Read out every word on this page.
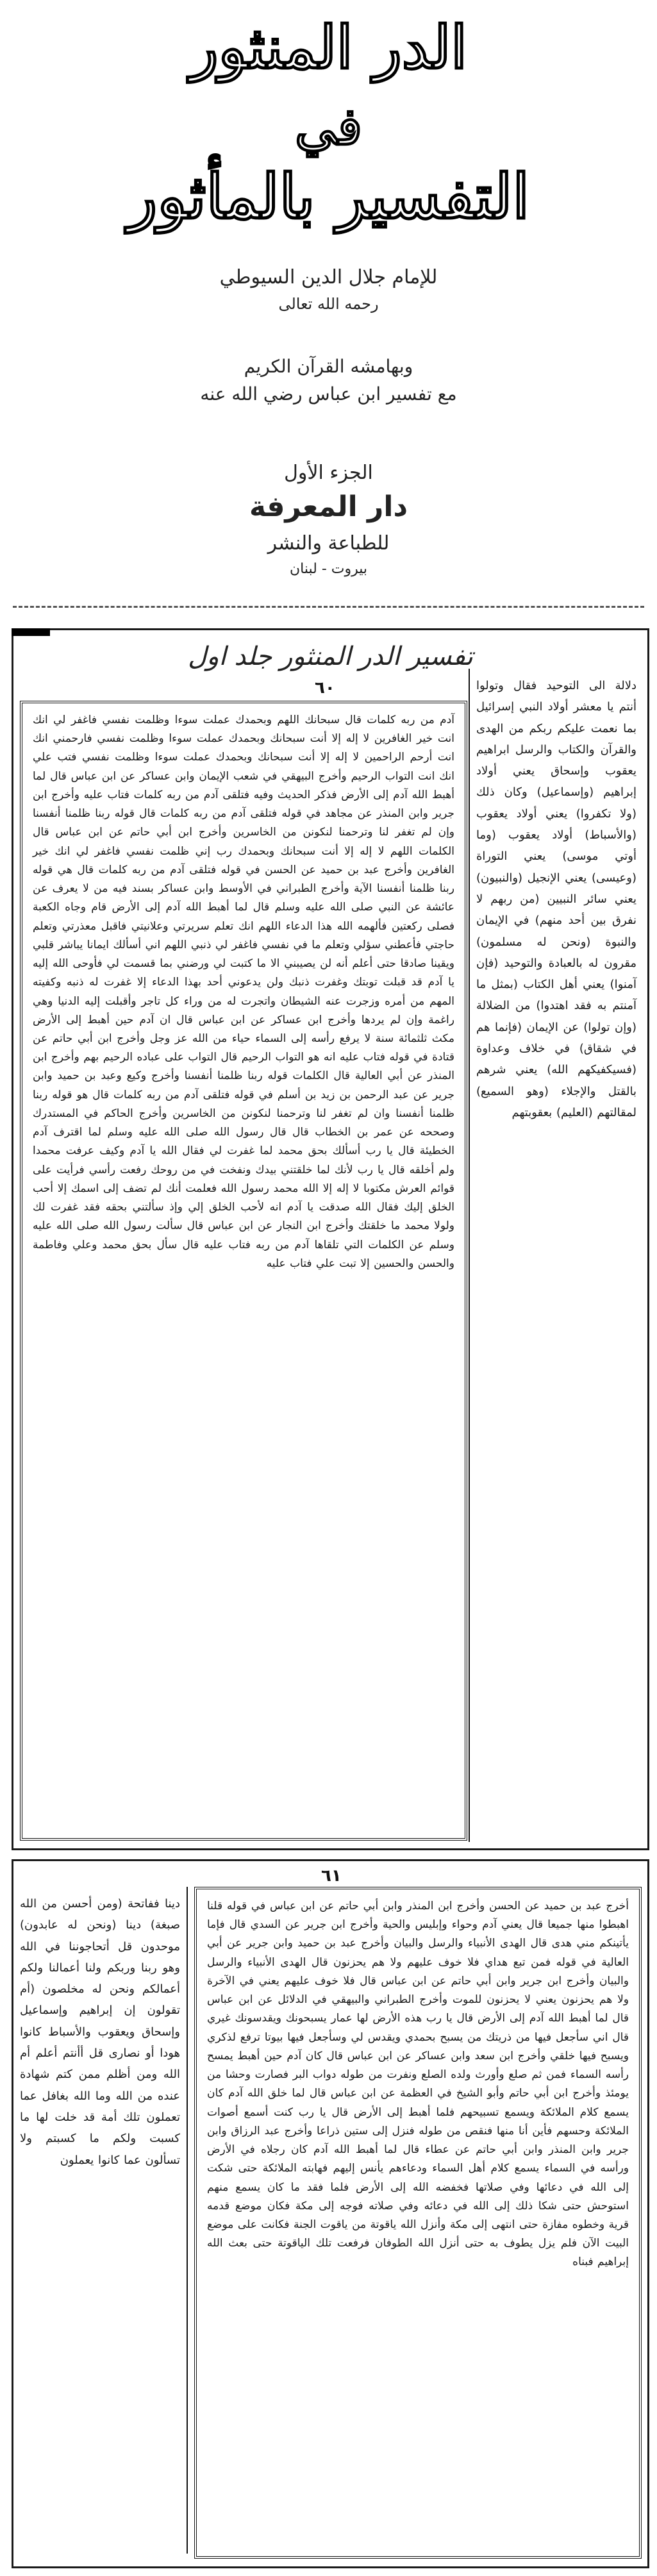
الدر المنثور
في
التفسير بالمأثور
للإمام جلال الدين السيوطي
رحمه الله تعالى
وبهامشه القرآن الكريم
مع تفسير ابن عباس رضي الله عنه
الجزء الأول
دار المعرفة
للطباعة والنشر
بيروت - لبنان
تفسير الدر المنثور جلد اول
٦٠
آدم من ربه كلمات قال سبحانك اللهم وبحمدك عملت سوءا وظلمت نفسي فاغفر لي انك انت خير الغافرين لا إله إلا أنت سبحانك وبحمدك عملت سوءا وظلمت نفسي فارحمني انك انت أرحم الراحمين لا إله إلا أنت سبحانك وبحمدك عملت سوءا وظلمت نفسي فتب علي انك انت التواب الرحيم وأخرج البيهقي في شعب الإيمان وابن عساكر عن ابن عباس قال لما أهبط الله آدم إلى الأرض فذكر الحديث وفيه فتلقى آدم من ربه كلمات فتاب عليه وأخرج ابن جرير وابن المنذر عن مجاهد في قوله فتلقى آدم من ربه كلمات قال قوله ربنا ظلمنا أنفسنا وإن لم تغفر لنا وترحمنا لنكونن من الخاسرين وأخرج ابن أبي حاتم عن ابن عباس قال الكلمات اللهم لا إله إلا أنت سبحانك وبحمدك رب إني ظلمت نفسي فاغفر لي انك خير الغافرين وأخرج عبد بن حميد عن الحسن في قوله فتلقى آدم من ربه كلمات قال هي قوله ربنا ظلمنا أنفسنا الآية وأخرج الطبراني في الأوسط وابن عساكر بسند فيه من لا يعرف عن عائشة عن النبي صلى الله عليه وسلم قال لما أهبط الله آدم إلى الأرض قام وجاه الكعبة فصلى ركعتين فألهمه الله هذا الدعاء اللهم انك تعلم سريرتي وعلانيتي فاقبل معذرتي وتعلم حاجتي فأعطني سؤلي وتعلم ما في نفسي فاغفر لي ذنبي اللهم اني أسألك ايمانا يباشر قلبي ويقينا صادقا حتى أعلم أنه لن يصيبني الا ما كتبت لي ورضني بما قسمت لي فأوحى الله إليه يا آدم قد قبلت توبتك وغفرت ذنبك ولن يدعوني أحد بهذا الدعاء إلا غفرت له ذنبه وكفيته المهم من أمره وزجرت عنه الشيطان واتجرت له من وراء كل تاجر وأقبلت إليه الدنيا وهي راغمة وإن لم يردها وأخرج ابن عساكر عن ابن عباس قال ان آدم حين أهبط إلى الأرض مكث ثلثمائة سنة لا يرفع رأسه إلى السماء حياء من الله عز وجل وأخرج ابن أبي حاتم عن قتادة في قوله فتاب عليه انه هو التواب الرحيم قال التواب على عباده الرحيم بهم وأخرج ابن المنذر عن أبي العالية قال الكلمات قوله ربنا ظلمنا أنفسنا وأخرج وكيع وعبد بن حميد وابن جرير عن عبد الرحمن بن زيد بن أسلم في قوله فتلقى آدم من ربه كلمات قال هو قوله ربنا ظلمنا أنفسنا وان لم تغفر لنا وترحمنا لنكونن من الخاسرين وأخرج الحاكم في المستدرك وصححه عن عمر بن الخطاب قال قال رسول الله صلى الله عليه وسلم لما اقترف آدم الخطيئة قال يا رب أسألك بحق محمد لما غفرت لي فقال الله يا آدم وكيف عرفت محمدا ولم أخلقه قال يا رب لأنك لما خلقتني بيدك ونفخت في من روحك رفعت رأسي فرأيت على قوائم العرش مكتوبا لا إله إلا الله محمد رسول الله فعلمت أنك لم تضف إلى اسمك إلا أحب الخلق إليك فقال الله صدقت يا آدم انه لأحب الخلق إلي وإذ سألتني بحقه فقد غفرت لك ولولا محمد ما خلقتك وأخرج ابن النجار عن ابن عباس قال سألت رسول الله صلى الله عليه وسلم عن الكلمات التي تلقاها آدم من ربه فتاب عليه قال سأل بحق محمد وعلي وفاطمة والحسن والحسين إلا تبت علي فتاب عليه
دلالة الى التوحيد فقال وتولوا أنتم يا معشر أولاد النبي إسرائيل بما نعمت عليكم ربكم من الهدى والقرآن والكتاب والرسل ابراهيم يعقوب وإسحاق يعني أولاد إبراهيم (وإسماعيل) وكان ذلك (ولا تكفروا) يعني أولاد يعقوب (والأسباط) أولاد يعقوب (وما أوتي موسى) يعني التوراة (وعيسى) يعني الإنجيل (والنبيون) يعني سائر النبيين (من ربهم لا نفرق بين أحد منهم) في الإيمان والنبوة (ونحن له مسلمون) مقرون له بالعبادة والتوحيد (فإن آمنوا) يعني أهل الكتاب (بمثل ما آمنتم به فقد اهتدوا) من الضلالة (وإن تولوا) عن الإيمان (فإنما هم في شقاق) في خلاف وعداوة (فسيكفيكهم الله) يعني شرهم بالقتل والإجلاء (وهو السميع) لمقالتهم (العليم) بعقوبتهم
٦١
دينا ففاتحة (ومن أحسن من الله صبغة) دينا (ونحن له عابدون) موحدون قل أتحاجوننا في الله وهو ربنا وربكم ولنا أعمالنا ولكم أعمالكم ونحن له مخلصون (أم تقولون إن إبراهيم وإسماعيل وإسحاق ويعقوب والأسباط كانوا هودا أو نصارى قل أأنتم أعلم أم الله ومن أظلم ممن كتم شهادة عنده من الله وما الله بغافل عما تعملون تلك أمة قد خلت لها ما كسبت ولكم ما كسبتم ولا تسألون عما كانوا يعملون
أخرج عبد بن حميد عن الحسن وأخرج ابن المنذر وابن أبي حاتم عن ابن عباس في قوله قلنا اهبطوا منها جميعا قال يعني آدم وحواء وإبليس والحية وأخرج ابن جرير عن السدي قال فإما يأتينكم مني هدى قال الهدى الأنبياء والرسل والبيان وأخرج عبد بن حميد وابن جرير عن أبي العالية في قوله فمن تبع هداي فلا خوف عليهم ولا هم يحزنون قال الهدى الأنبياء والرسل والبيان وأخرج ابن جرير وابن أبي حاتم عن ابن عباس قال فلا خوف عليهم يعني في الآخرة ولا هم يحزنون يعني لا يحزنون للموت وأخرج الطبراني والبيهقي في الدلائل عن ابن عباس قال لما أهبط الله آدم إلى الأرض قال يا رب هذه الأرض لها عمار يسبحونك ويقدسونك غيري قال اني سأجعل فيها من ذريتك من يسبح بحمدي ويقدس لي وسأجعل فيها بيوتا ترفع لذكري ويسبح فيها خلقي وأخرج ابن سعد وابن عساكر عن ابن عباس قال كان آدم حين أهبط يمسح رأسه السماء فمن ثم صلع وأورث ولده الصلع ونفرت من طوله دواب البر فصارت وحشا من يومئذ وأخرج ابن أبي حاتم وأبو الشيخ في العظمة عن ابن عباس قال لما خلق الله آدم كان يسمع كلام الملائكة ويسمع تسبيحهم فلما أهبط إلى الأرض قال يا رب كنت أسمع أصوات الملائكة وحسهم فأين أنا منها فنقص من طوله فنزل إلى ستين ذراعا وأخرج عبد الرزاق وابن جرير وابن المنذر وابن أبي حاتم عن عطاء قال لما أهبط الله آدم كان رجلاه في الأرض ورأسه في السماء يسمع كلام أهل السماء ودعاءهم يأنس إليهم فهابته الملائكة حتى شكت إلى الله في دعائها وفي صلاتها فخفضه الله إلى الأرض فلما فقد ما كان يسمع منهم استوحش حتى شكا ذلك إلى الله في دعائه وفي صلاته فوجه إلى مكة فكان موضع قدمه قرية وخطوه مفازة حتى انتهى إلى مكة وأنزل الله ياقوتة من ياقوت الجنة فكانت على موضع البيت الآن فلم يزل يطوف به حتى أنزل الله الطوفان فرفعت تلك الياقوتة حتى بعث الله إبراهيم فبناه
